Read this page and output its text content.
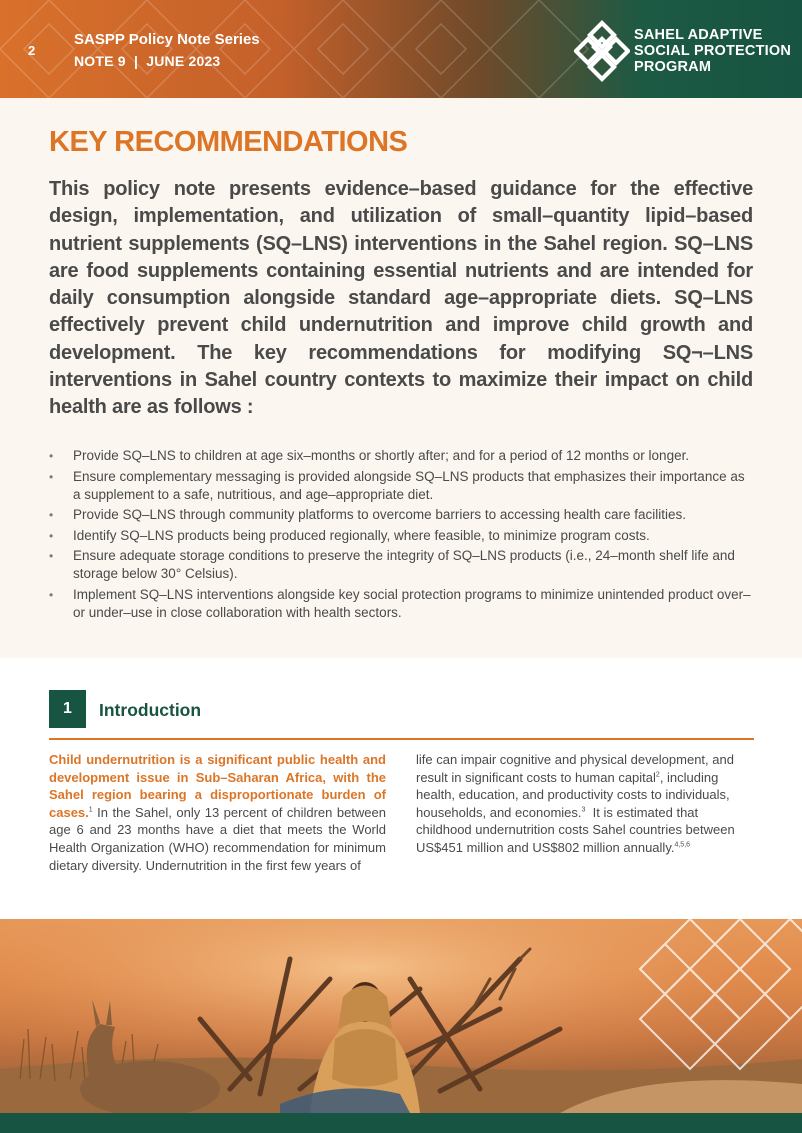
2
SASPP Policy Note Series
NOTE 9  |  JUNE 2023
SAHEL ADAPTIVE
SOCIAL PROTECTION
PROGRAM
KEY RECOMMENDATIONS

This policy note presents evidence–based guidance for the effective design, implementation, and utilization of small–quantity lipid–based nutrient supplements (SQ–LNS) interventions in the Sahel region. SQ–LNS are food supplements containing essential nutrients and are intended for daily consumption alongside standard age–appropriate diets. SQ–LNS effectively prevent child undernutrition and improve child growth and development. The key recommendations for modifying SQ¬–LNS interventions in Sahel country contexts to maximize their impact on child health are as follows :

• Provide SQ–LNS to children at age six–months or shortly after; and for a period of 12 months or longer.
• Ensure complementary messaging is provided alongside SQ–LNS products that emphasizes their importance as a supplement to a safe, nutritious, and age–appropriate diet.
• Provide SQ–LNS through community platforms to overcome barriers to accessing health care facilities.
• Identify SQ–LNS products being produced regionally, where feasible, to minimize program costs.
• Ensure adequate storage conditions to preserve the integrity of SQ–LNS products (i.e., 24–month shelf life and storage below 30° Celsius).
• Implement SQ–LNS interventions alongside key social protection programs to minimize unintended product over–or under–use in close collaboration with health sectors.
1	Introduction

Child undernutrition is a significant public health and development issue in Sub–Saharan Africa, with the Sahel region bearing a disproportionate burden of cases.$^1$ In the Sahel, only 13 percent of children between age 6 and 23 months have a diet that meets the World Health Organization (WHO) recommendation for minimum dietary diversity. Undernutrition in the first few years of

life can impair cognitive and physical development, and result in significant costs to human capital$^2$, including health, education, and productivity costs to individuals, households, and economies.$^3$  It is estimated that childhood undernutrition costs Sahel countries between US$451 million and US$802 million annually.$^{4,5,6}$
